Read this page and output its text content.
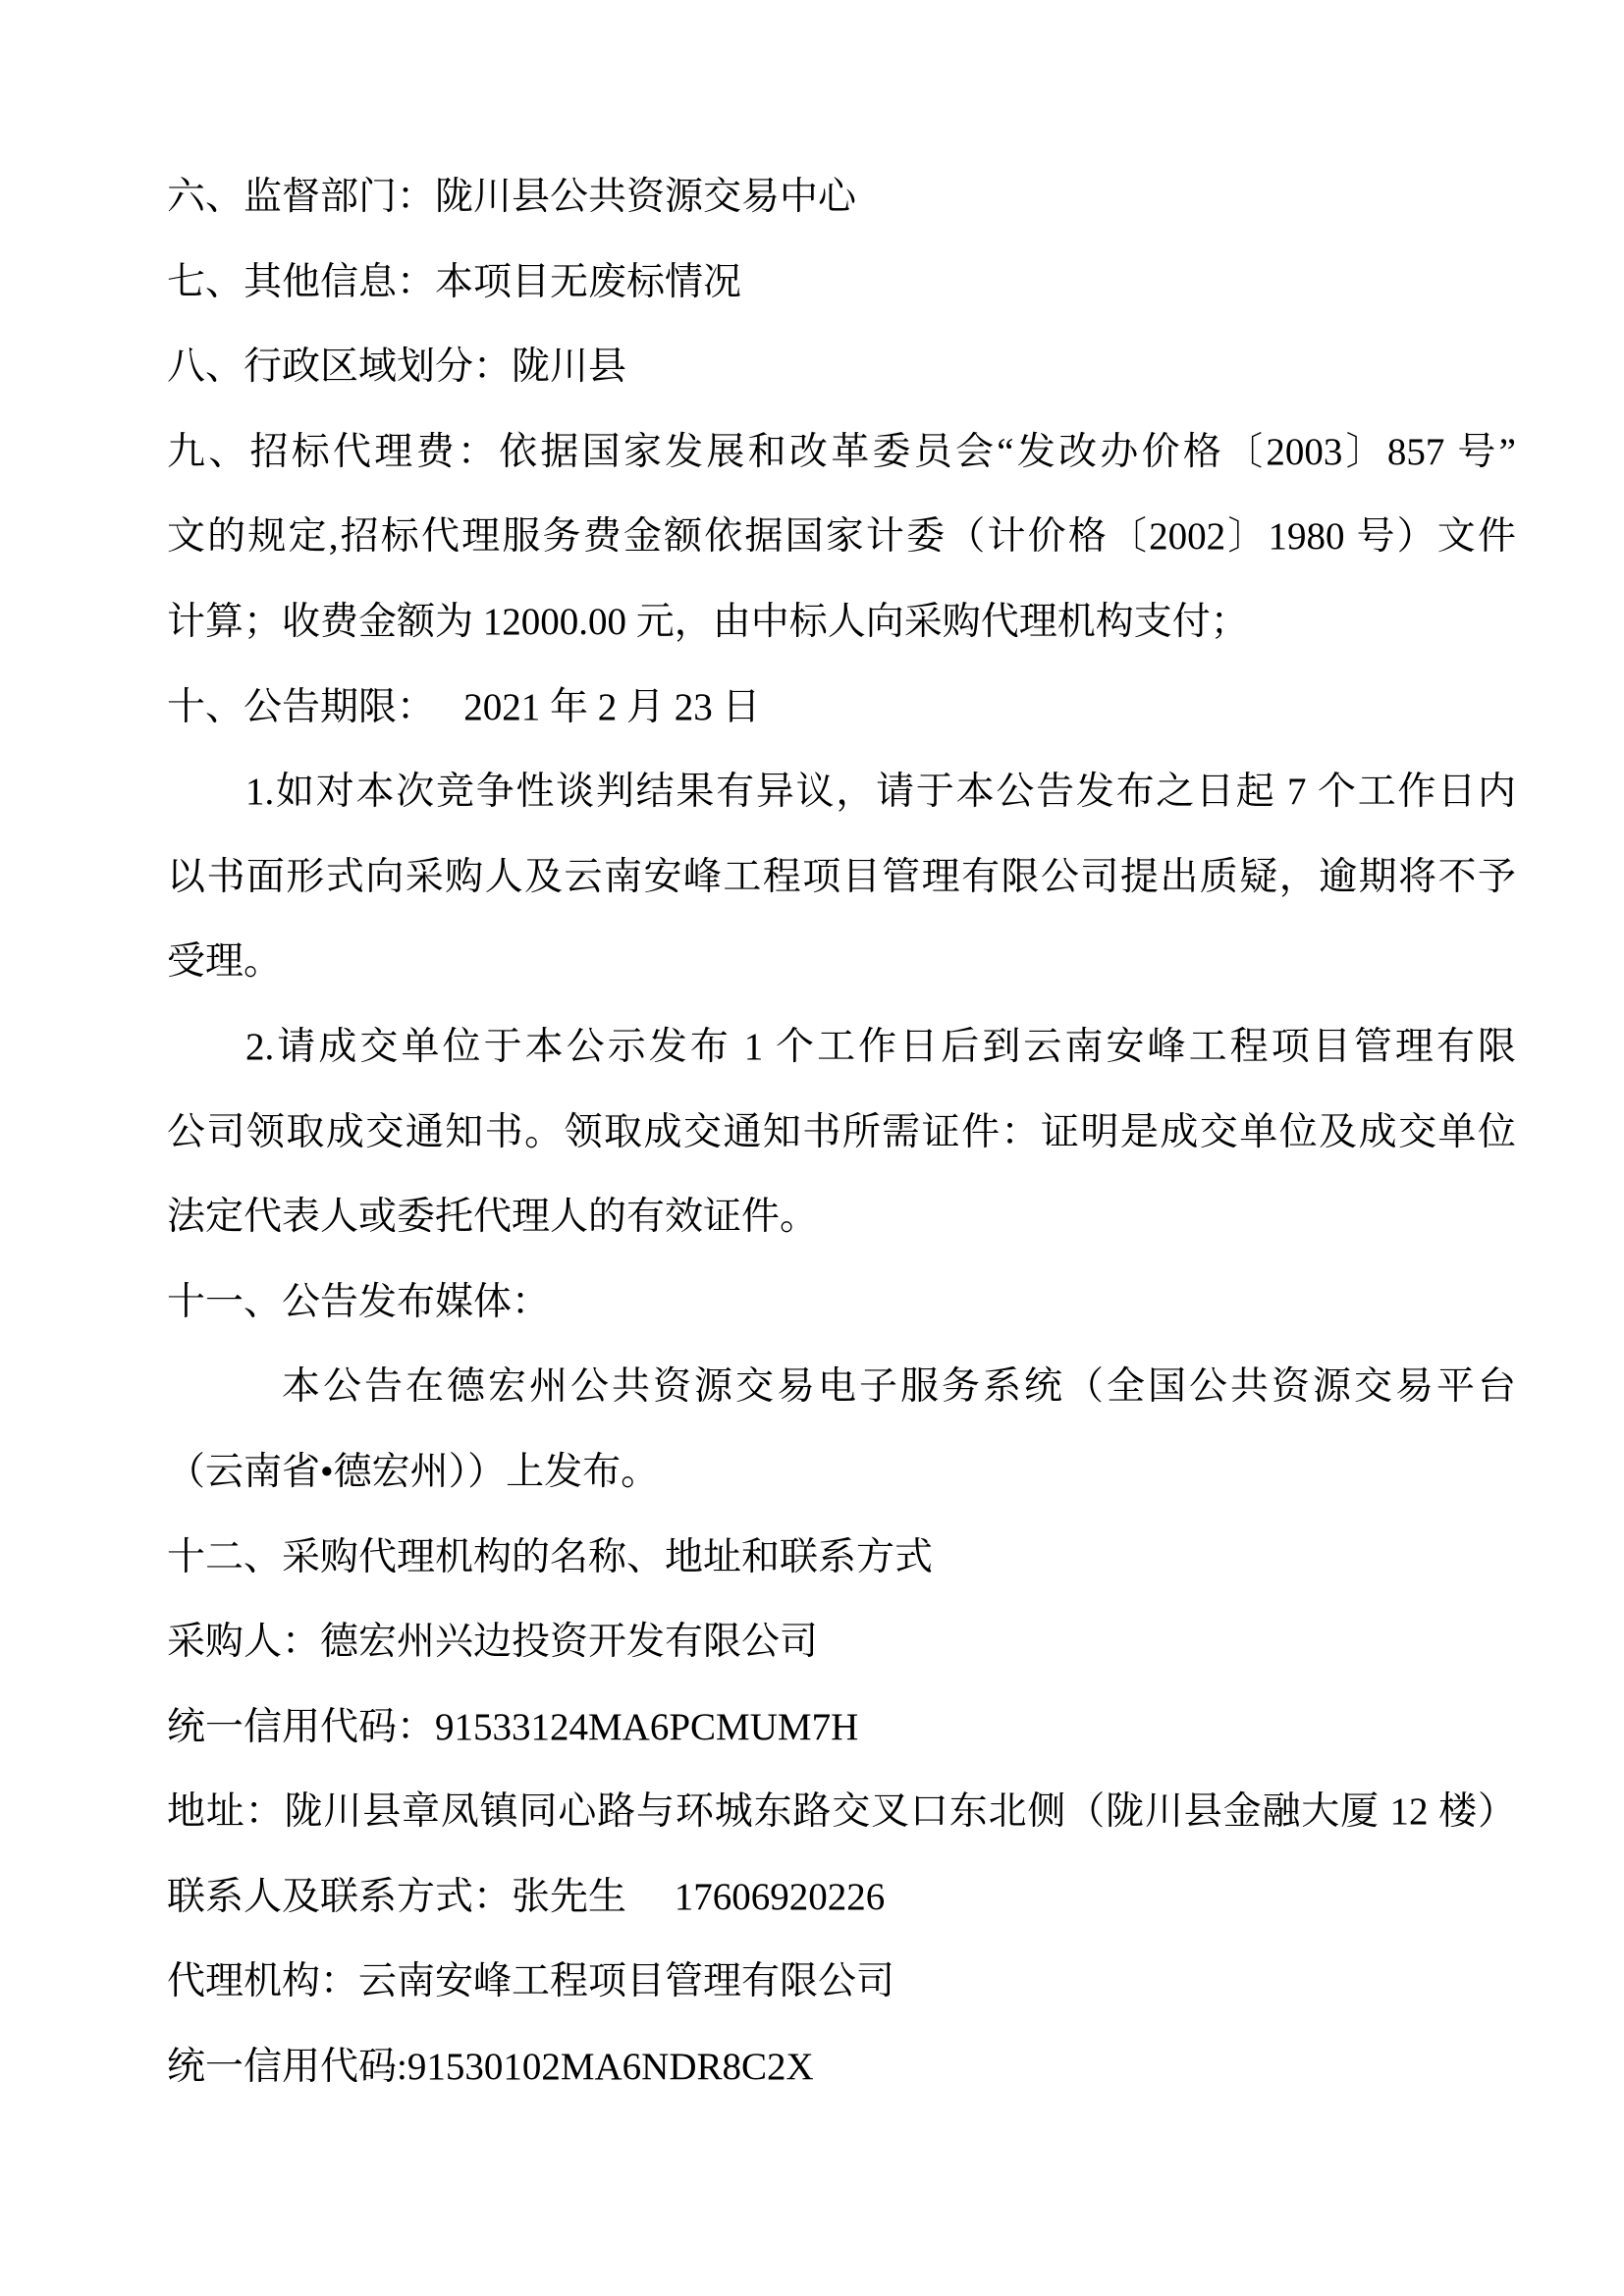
六、监督部门：陇川县公共资源交易中心
七、其他信息：本项目无废标情况
八、行政区域划分：陇川县
九、招标代理费：依据国家发展和改革委员会“发改办价格〔2003〕857 号”
文的规定,招标代理服务费金额依据国家计委（计价格〔2002〕1980 号）文件
计算；收费金额为 12000.00 元，由中标人向采购代理机构支付；
十、公告期限：　 2021 年 2 月 23 日
1.如对本次竞争性谈判结果有异议，请于本公告发布之日起 7 个工作日内
以书面形式向采购人及云南安峰工程项目管理有限公司提出质疑，逾期将不予
受理。
2.请成交单位于本公示发布 1 个工作日后到云南安峰工程项目管理有限
公司领取成交通知书。领取成交通知书所需证件：证明是成交单位及成交单位
法定代表人或委托代理人的有效证件。
十一、公告发布媒体：
本公告在德宏州公共资源交易电子服务系统（全国公共资源交易平台
（云南省•德宏州））上发布。
十二、采购代理机构的名称、地址和联系方式
采购人：德宏州兴边投资开发有限公司
统一信用代码：91533124MA6PCMUM7H
地址：陇川县章凤镇同心路与环城东路交叉口东北侧（陇川县金融大厦 12 楼）
联系人及联系方式：张先生　 17606920226
代理机构：云南安峰工程项目管理有限公司
统一信用代码:91530102MA6NDR8C2X
